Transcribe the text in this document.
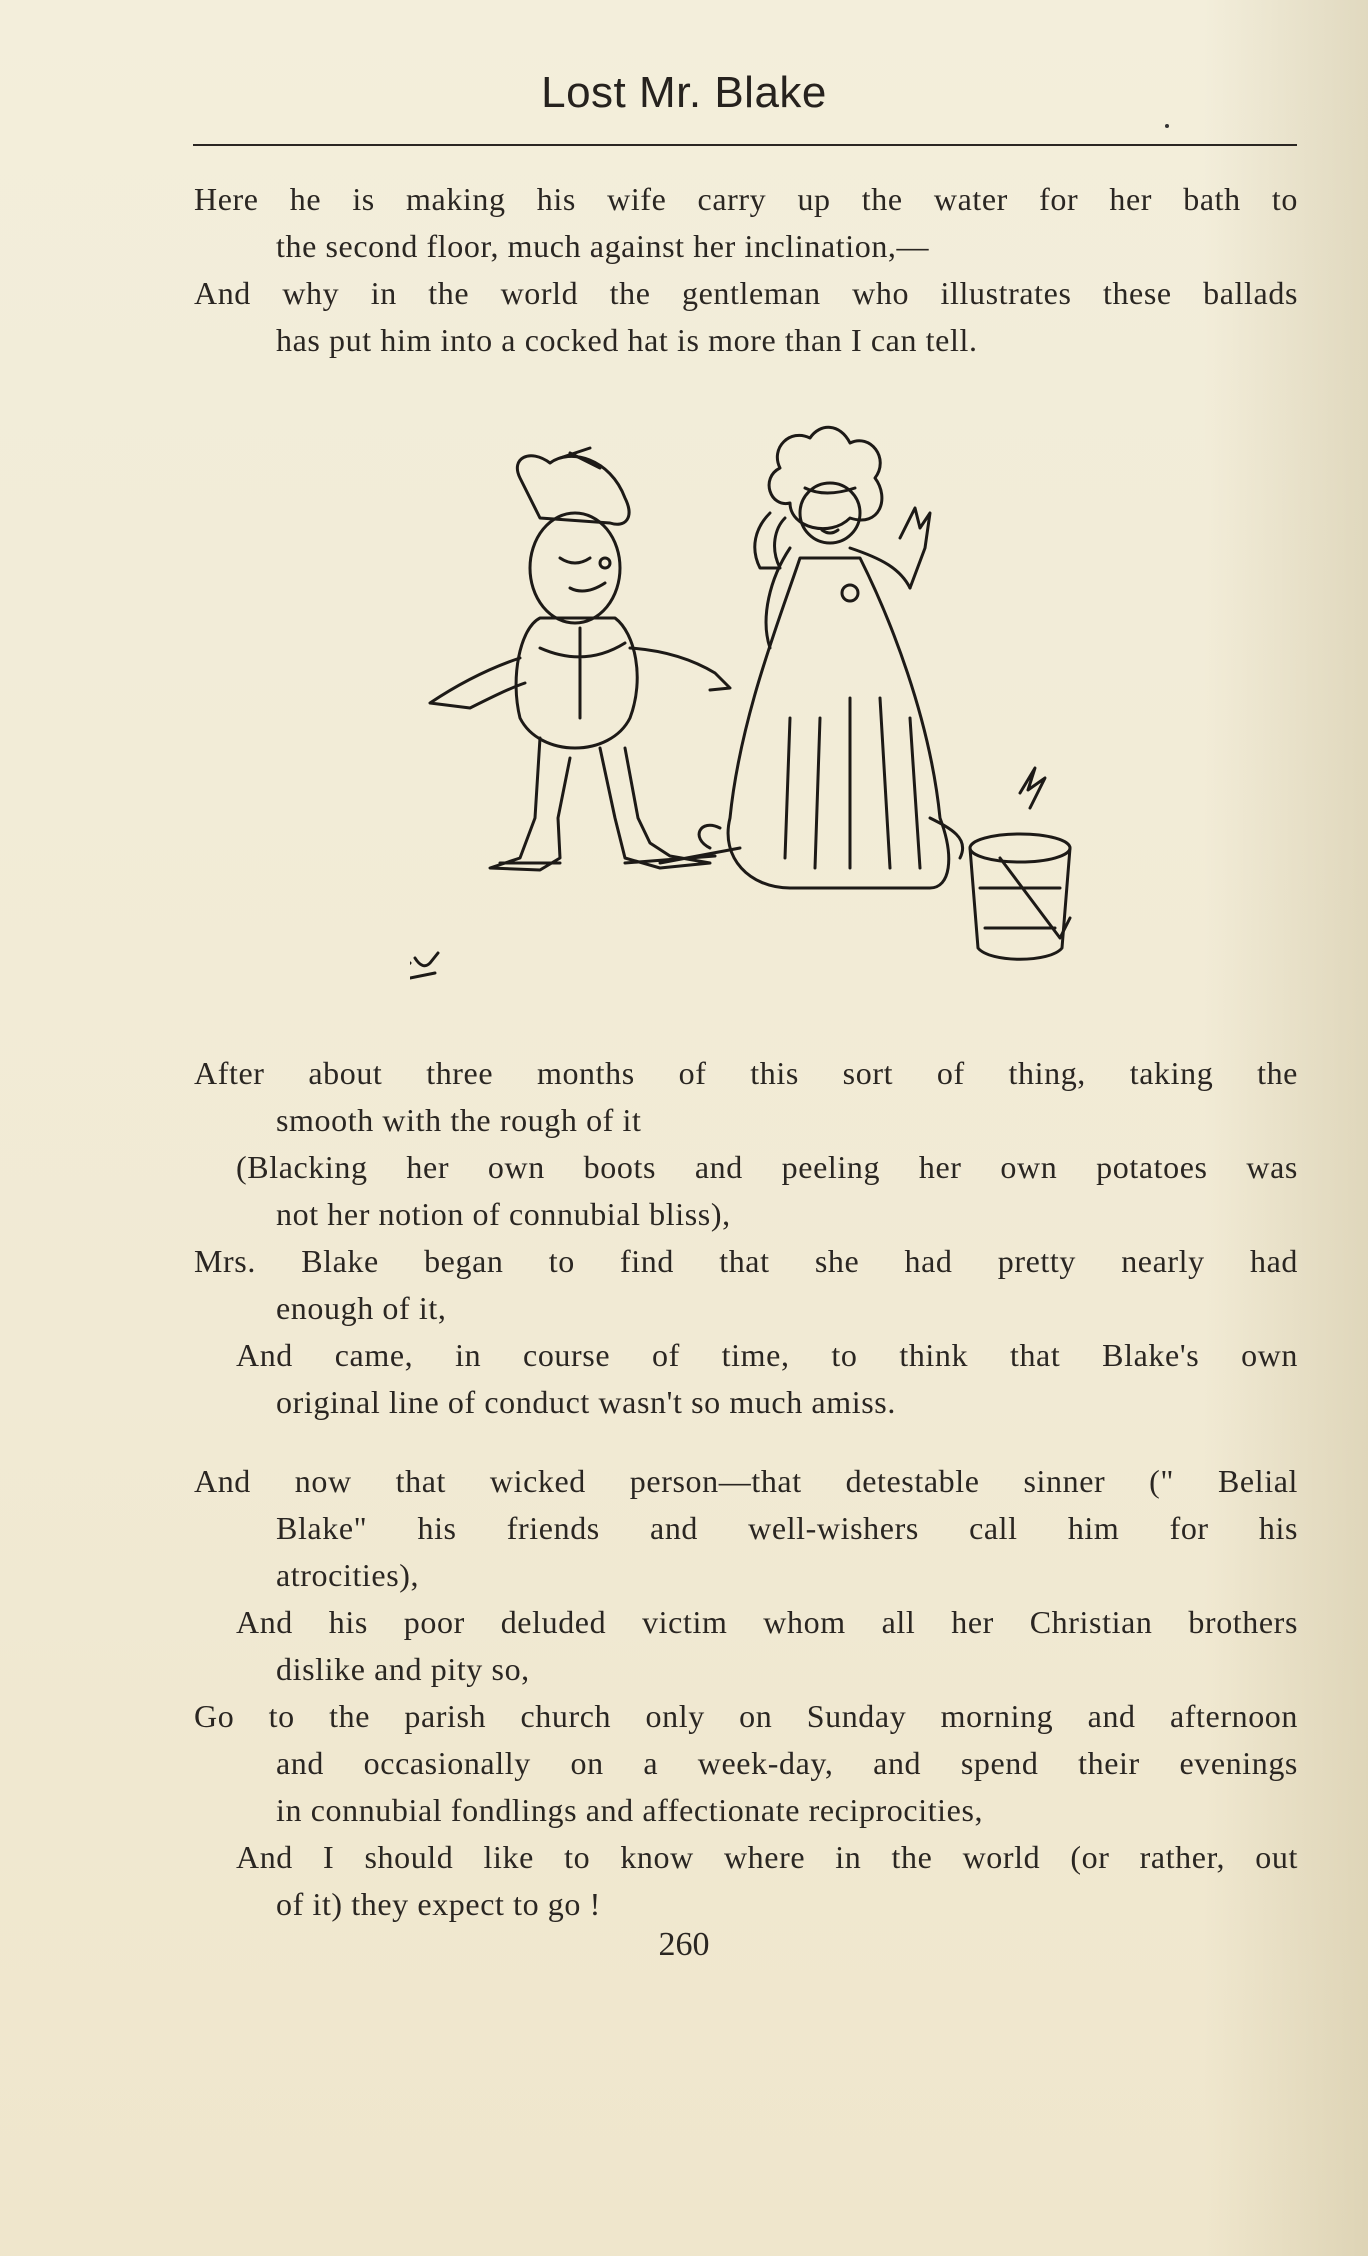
Lost Mr. Blake
Here he is making his wife carry up the water for her bath to
the second floor, much against her inclination,—
And why in the world the gentleman who illustrates these ballads
has put him into a cocked hat is more than I can tell.
After about three months of this sort of thing, taking the
smooth with the rough of it
(Blacking her own boots and peeling her own potatoes was
not her notion of connubial bliss),
Mrs. Blake began to find that she had pretty nearly had
enough of it,
And came, in course of time, to think that Blake's own
original line of conduct wasn't so much amiss.
And now that wicked person—that detestable sinner (" Belial
Blake" his friends and well-wishers call him for his
atrocities),
And his poor deluded victim whom all her Christian brothers
dislike and pity so,
Go to the parish church only on Sunday morning and afternoon
and occasionally on a week-day, and spend their evenings
in connubial fondlings and affectionate reciprocities,
And I should like to know where in the world (or rather, out
of it) they expect to go !
260
